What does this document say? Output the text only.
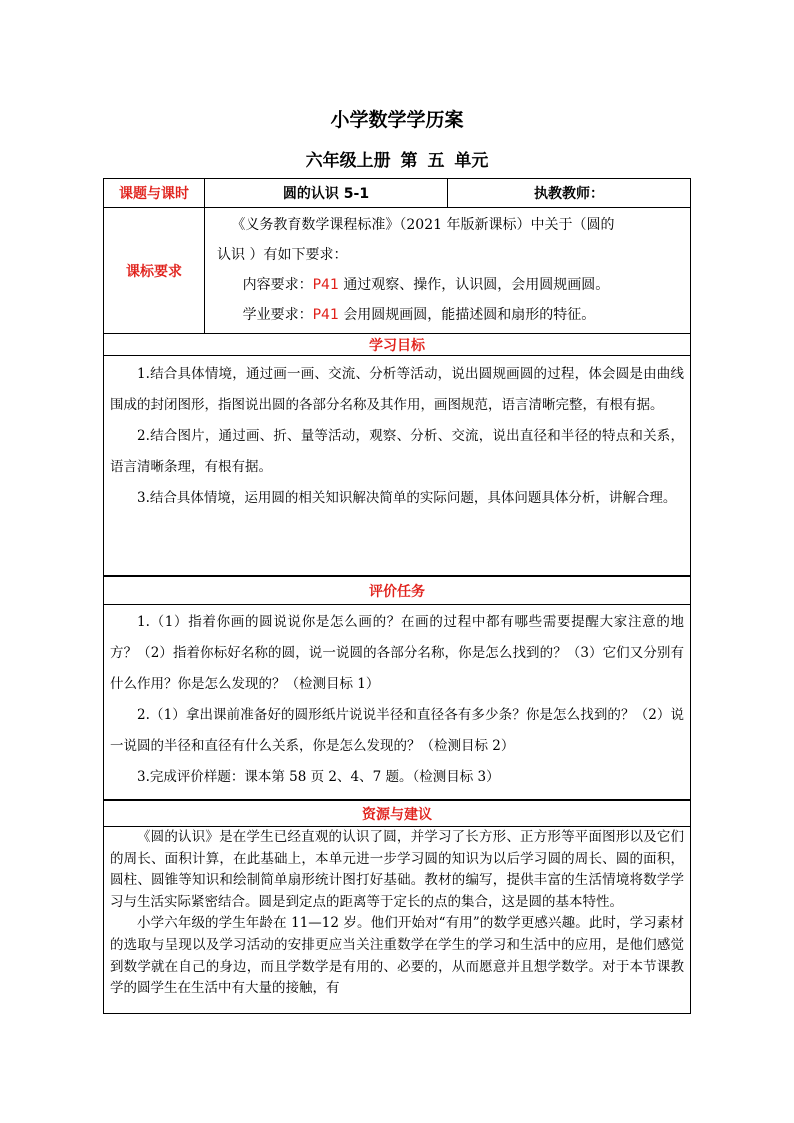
小学数学学历案
六年级上册 第 五 单元
课题与课时	圆的认识 5-1	执教教师：
课标要求

《义务教育数学课程标准》（2021 年版新课标）中关于（圆的

认识 ）有如下要求：

内容要求：P41 通过观察、操作，认识圆，会用圆规画圆。

学业要求：P41 会用圆规画圆，能描述圆和扇形的特征。

学习目标

1.结合具体情境，通过画一画、交流、分析等活动，说出圆规画圆的过程，体会圆是由曲线围成的封闭图形，指图说出圆的各部分名称及其作用，画图规范，语言清晰完整，有根有据。

2.结合图片，通过画、折、量等活动，观察、分析、交流，说出直径和半径的特点和关系，语言清晰条理，有根有据。

3.结合具体情境，运用圆的相关知识解决简单的实际问题，具体问题具体分析，讲解合理。

评价任务

1.（1）指着你画的圆说说你是怎么画的？在画的过程中都有哪些需要提醒大家注意的地方？（2）指着你标好名称的圆，说一说圆的各部分名称，你是怎么找到的？（3）它们又分别有什么作用？你是怎么发现的？（检测目标 1）

2.（1）拿出课前准备好的圆形纸片说说半径和直径各有多少条？你是怎么找到的？（2）说一说圆的半径和直径有什么关系，你是怎么发现的？（检测目标 2）

3.完成评价样题：课本第 58 页 2、4、7 题。（检测目标 3）

资源与建议

《圆的认识》是在学生已经直观的认识了圆，并学习了长方形、正方形等平面图形以及它们的周长、面积计算，在此基础上，本单元进一步学习圆的知识为以后学习圆的周长、圆的面积，圆柱、圆锥等知识和绘制简单扇形统计图打好基础。教材的编写，提供丰富的生活情境将数学学习与生活实际紧密结合。圆是到定点的距离等于定长的点的集合，这是圆的基本特性。

小学六年级的学生年龄在 11—12 岁。他们开始对“有用”的数学更感兴趣。此时，学习素材的选取与呈现以及学习活动的安排更应当关注重数学在学生的学习和生活中的应用，是他们感觉到数学就在自己的身边，而且学数学是有用的、必要的，从而愿意并且想学数学。对于本节课教学的圆学生在生活中有大量的接触，有
